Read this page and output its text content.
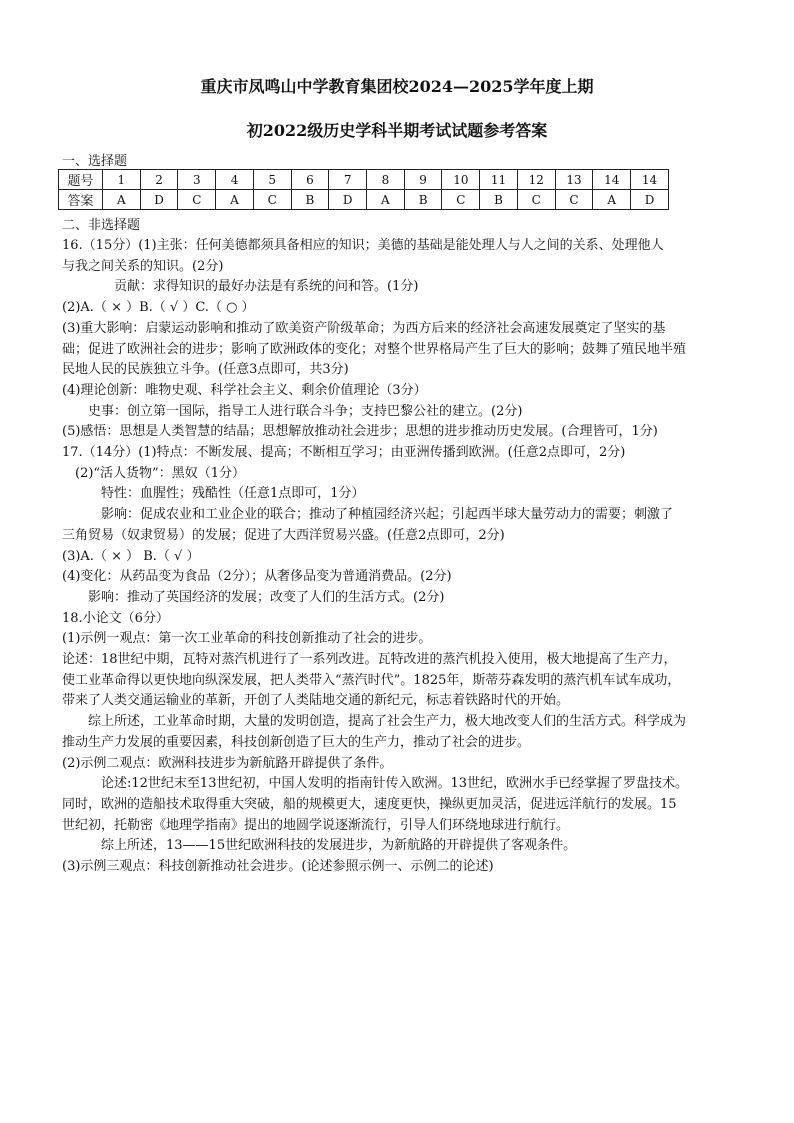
重庆市凤鸣山中学教育集团校2024—2025学年度上期
初2022级历史学科半期考试试题参考答案
一、选择题
题号	1	2	3	4	5	6	7	8	9	10	11	12	13	14	14
答案	A	D	C	A	C	B	D	A	B	C	B	C	C	A	D
二、非选择题

16.（15分）(1)主张：任何美德都须具备相应的知识；美德的基础是能处理人与人之间的关系、处理他人

与我之间关系的知识。(2分)

贡献：求得知识的最好办法是有系统的问和答。(1分)

(2)A.（ × ）B.（ √ ）C.（ ○ ）

(3)重大影响：启蒙运动影响和推动了欧美资产阶级革命；为西方后来的经济社会高速发展奠定了坚实的基

础；促进了欧洲社会的进步；影响了欧洲政体的变化；对整个世界格局产生了巨大的影响；鼓舞了殖民地半殖

民地人民的民族独立斗争。(任意3点即可，共3分)

(4)理论创新：唯物史观、科学社会主义、剩余价值理论（3分）

史事：创立第一国际，指导工人进行联合斗争；支持巴黎公社的建立。(2分)

(5)感悟：思想是人类智慧的结晶；思想解放推动社会进步；思想的进步推动历史发展。(合理皆可，1分)

17.（14分）(1)特点：不断发展、提高；不断相互学习；由亚洲传播到欧洲。(任意2点即可，2分)

(2)“活人货物”：黑奴（1分）

特性：血腥性；残酷性（任意1点即可，1分）

影响：促成农业和工业企业的联合；推动了种植园经济兴起；引起西半球大量劳动力的需要；刺激了

三角贸易（奴隶贸易）的发展；促进了大西洋贸易兴盛。(任意2点即可，2分)

(3)A.（ × ） B.（ √ ）

(4)变化：从药品变为食品（2分）；从奢侈品变为普通消费品。(2分)

影响：推动了英国经济的发展；改变了人们的生活方式。(2分)

18.小论文（6分）

(1)示例一观点：第一次工业革命的科技创新推动了社会的进步。

论述：18世纪中期，瓦特对蒸汽机进行了一系列改进。瓦特改进的蒸汽机投入使用，极大地提高了生产力，

使工业革命得以更快地向纵深发展，把人类带入“蒸汽时代”。1825年，斯蒂芬森发明的蒸汽机车试车成功，

带来了人类交通运输业的革新，开创了人类陆地交通的新纪元，标志着铁路时代的开始。

综上所述，工业革命时期，大量的发明创造，提高了社会生产力，极大地改变人们的生活方式。科学成为

推动生产力发展的重要因素，科技创新创造了巨大的生产力，推动了社会的进步。

(2)示例二观点：欧洲科技进步为新航路开辟提供了条件。

论述:12世纪末至13世纪初，中国人发明的指南针传入欧洲。13世纪，欧洲水手已经掌握了罗盘技术。

同时，欧洲的造船技术取得重大突破，船的规模更大，速度更快，操纵更加灵活，促进远洋航行的发展。15

世纪初，托勒密《地理学指南》提出的地圆学说逐渐流行，引导人们环绕地球进行航行。

综上所述，13——15世纪欧洲科技的发展进步，为新航路的开辟提供了客观条件。

(3)示例三观点：科技创新推动社会进步。(论述参照示例一、示例二的论述)
